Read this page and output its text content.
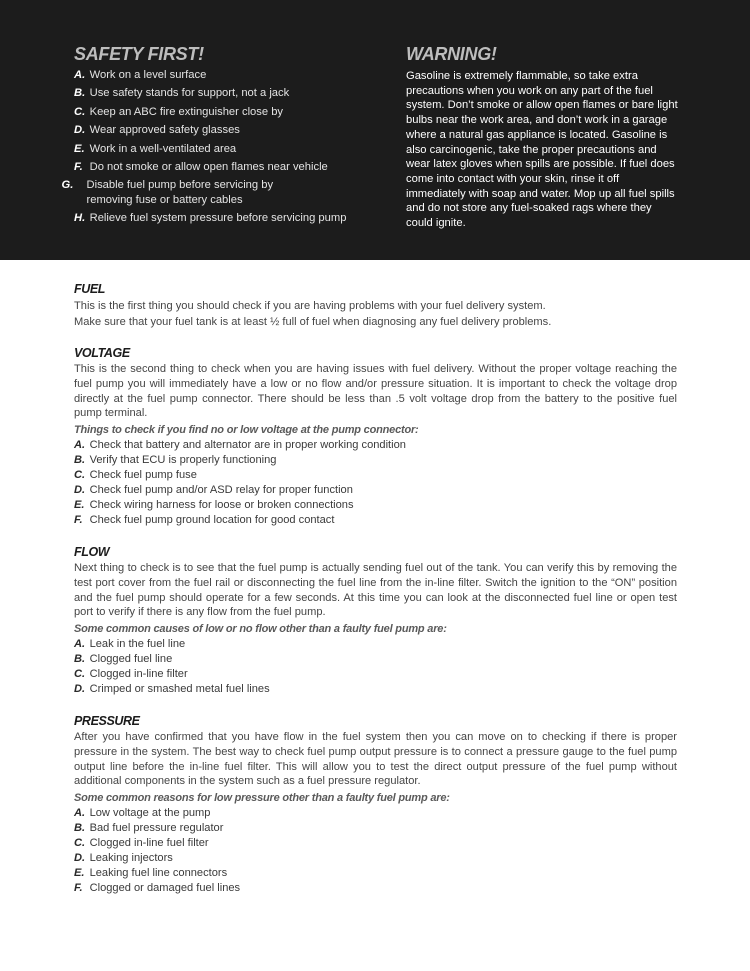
SAFETY FIRST!
A. Work on a level surface
B. Use safety stands for support, not a jack
C. Keep an ABC fire extinguisher close by
D. Wear approved safety glasses
E. Work in a well-ventilated area
F. Do not smoke or allow open flames near vehicle
G. Disable fuel pump before servicing by removing fuse or battery cables
H. Relieve fuel system pressure before servicing pump
WARNING!
Gasoline is extremely flammable, so take extra precautions when you work on any part of the fuel system. Don’t smoke or allow open flames or bare light bulbs near the work area, and don’t work in a garage where a natural gas appliance is located. Gasoline is also carcinogenic, take the proper precautions and wear latex gloves when spills are possible. If fuel does come into contact with your skin, rinse it off immediately with soap and water. Mop up all fuel spills and do not store any fuel-soaked rags where they could ignite.
FUEL
This is the first thing you should check if you are having problems with your fuel delivery system.
Make sure that your fuel tank is at least ½ full of fuel when diagnosing any fuel delivery problems.
VOLTAGE
This is the second thing to check when you are having issues with fuel delivery. Without the proper voltage reaching the fuel pump you will immediately have a low or no flow and/or pressure situation. It is important to check the voltage drop directly at the fuel pump connector. There should be less than .5 volt voltage drop from the battery to the positive fuel pump terminal.
Things to check if you find no or low voltage at the pump connector:
A. Check that battery and alternator are in proper working condition
B. Verify that ECU is properly functioning
C. Check fuel pump fuse
D. Check fuel pump and/or ASD relay for proper function
E. Check wiring harness for loose or broken connections
F. Check fuel pump ground location for good contact
FLOW
Next thing to check is to see that the fuel pump is actually sending fuel out of the tank. You can verify this by removing the test port cover from the fuel rail or disconnecting the fuel line from the in-line filter. Switch the ignition to the “ON” position and the fuel pump should operate for a few seconds. At this time you can look at the disconnected fuel line or open test port to verify if there is any flow from the fuel pump.
Some common causes of low or no flow other than a faulty fuel pump are:
A. Leak in the fuel line
B. Clogged fuel line
C. Clogged in-line filter
D. Crimped or smashed metal fuel lines
PRESSURE
After you have confirmed that you have flow in the fuel system then you can move on to checking if there is proper pressure in the system. The best way to check fuel pump output pressure is to connect a pressure gauge to the fuel pump output line before the in-line fuel filter. This will allow you to test the direct output pressure of the fuel pump without additional components in the system such as a fuel pressure regulator.
Some common reasons for low pressure other than a faulty fuel pump are:
A. Low voltage at the pump
B. Bad fuel pressure regulator
C. Clogged in-line fuel filter
D. Leaking injectors
E. Leaking fuel line connectors
F. Clogged or damaged fuel lines
